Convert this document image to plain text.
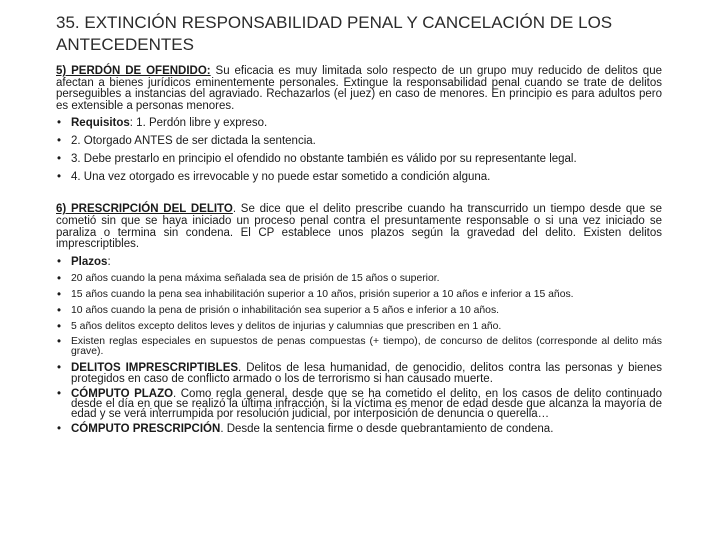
35. EXTINCIÓN RESPONSABILIDAD PENAL Y CANCELACIÓN DE LOS
ANTECEDENTES

5) PERDÓN DE OFENDIDO: Su eficacia es muy limitada solo respecto de un grupo muy reducido de delitos que afectan a bienes jurídicos eminentemente personales. Extingue la responsabilidad penal cuando se trate de delitos perseguibles a instancias del agraviado. Rechazarlos (el juez) en caso de menores. En principio es para adultos pero es extensible a personas menores.

• Requisitos: 1. Perdón libre y expreso.
• 2. Otorgado ANTES de ser dictada la sentencia.
• 3. Debe prestarlo en principio el ofendido no obstante también es válido por su representante legal.
• 4. Una vez otorgado es irrevocable y no puede estar sometido a condición alguna.

6) PRESCRIPCIÓN DEL DELITO. Se dice que el delito prescribe cuando ha transcurrido un tiempo desde que se cometió sin que se haya iniciado un proceso penal contra el presuntamente responsable o si una vez iniciado se paraliza o termina sin condena. El CP establece unos plazos según la gravedad del delito. Existen delitos imprescriptibles.

• Plazos:
• 20 años cuando la pena máxima señalada sea de prisión de 15 años o superior.
• 15 años cuando la pena sea inhabilitación superior a 10 años, prisión superior a 10 años e inferior a 15 años.
• 10 años cuando la pena de prisión o inhabilitación sea superior a 5 años e inferior a 10 años.
• 5 años delitos excepto delitos leves y delitos de injurias y calumnias que prescriben en 1 año.
• Existen reglas especiales en supuestos de penas compuestas (+ tiempo), de concurso de delitos (corresponde al delito más grave).
• DELITOS IMPRESCRIPTIBLES. Delitos de lesa humanidad, de genocidio, delitos contra las personas y bienes protegidos en caso de conflicto armado o los de terrorismo si han causado muerte.
• CÓMPUTO PLAZO. Como regla general, desde que se ha cometido el delito, en los casos de delito continuado desde el día en que se realizó la última infracción, si la víctima es menor de edad desde que alcanza la mayoría de edad y se verá interrumpida por resolución judicial, por interposición de denuncia o querella…
• CÓMPUTO PRESCRIPCIÓN. Desde la sentencia firme o desde quebrantamiento de condena.
